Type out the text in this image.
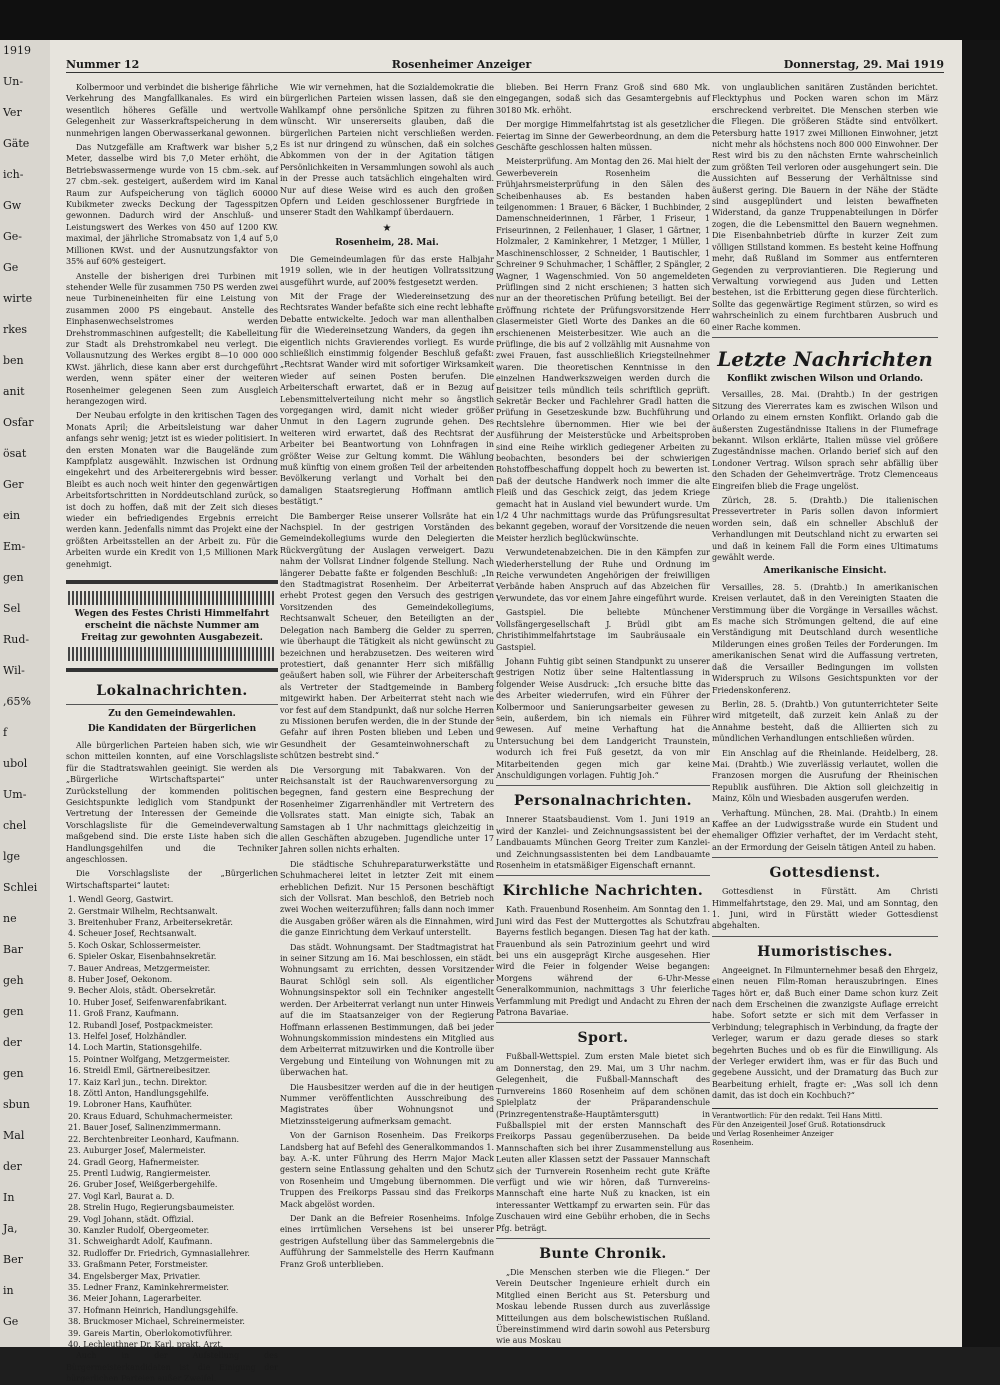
1919
Un-
Ver
Gäte
ich-
Gw
Ge-
Ge
wirte
rkes
ben
anit
Osfar
ösat
Ger
ein
Em-
gen
Sel
Rud-
Wil-
,65%
f
ubol
Um-
chel
lge
Schlei
ne
Bar
geh
gen
der
gen
sbun
Mal
der
In
Ja,
Ber
in
Ge
Nummer 12	Rosenheimer Anzeiger	Donnerstag, 29. Mai 1919

Kolbermoor und verbindet die bisherige fährliche Verkehrung des Mangfallkanales. Es wird ein wesentlich höheres Gefälle und wertvolle Gelegenheit zur Wasserkraftspeicherung in dem nunmehrigen langen Oberwasserkanal gewonnen.

Das Nutzgefälle am Kraftwerk war bisher 5,2 Meter, dasselbe wird bis 7,0 Meter erhöht, die Betriebswassermenge wurde von 15 cbm.-sek. auf 27 cbm.-sek. gesteigert, außerdem wird im Kanal Raum zur Aufspeicherung von täglich 60000 Kubikmeter zwecks Deckung der Tagesspitzen gewonnen. Dadurch wird der Anschluß- und Leistungswert des Werkes von 450 auf 1200 KW. maximal, der jährliche Stromabsatz von 1,4 auf 5,0 Millionen KWst. und der Ausnutzungsfaktor von 35% auf 60% gesteigert.

Anstelle der bisherigen drei Turbinen mit stehender Welle für zusammen 750 PS werden zwei neue Turbineneinheiten für eine Leistung von zusammen 2000 PS eingebaut. Anstelle des Einphasenwechselstromes werden Drehstrommaschinen aufgestellt; die Kabelleitung zur Stadt als Drehstromkabel neu verlegt. Die Vollausnutzung des Werkes ergibt 8—10 000 000 KWst. jährlich, diese kann aber erst durchgeführt werden, wenn später einer der weiteren Rosenheimer gelegenen Seen zum Ausgleich herangezogen wird.

Der Neubau erfolgte in den kritischen Tagen des Monats April; die Arbeitsleistung war daher anfangs sehr wenig; jetzt ist es wieder politisiert. In den ersten Monaten war die Baugelände zum Kampfplatz ausgewählt. Inzwischen ist Ordnung eingekehrt und des Arbeiterergebnis wird besser. Bleibt es auch noch weit hinter den gegenwärtigen Arbeitsfortschritten in Norddeutschland zurück, so ist doch zu hoffen, daß mit der Zeit sich dieses wieder ein befriedigendes Ergebnis erreicht werden kann. Jedenfalls nimmt das Projekt eine der größten Arbeitsstellen an der Arbeit zu. Für die Arbeiten wurde ein Kredit von 1,5 Millionen Mark genehmigt.

Wegen des Festes Christi Himmelfahrt erscheint die nächste Nummer am
Freitag zur gewohnten Ausgabezeit.
Lokalnachrichten.
Zu den Gemeindewahlen.
Die Kandidaten der Bürgerlichen

Alle bürgerlichen Parteien haben sich, wie wir schon mitteilen konnten, auf eine Vorschlagsliste für die Stadtratswahlen geeinigt. Sie werden als „Bürgerliche Wirtschaftspartei“ unter Zurückstellung der kommenden politischen Gesichtspunkte lediglich vom Standpunkt der Vertretung der Interessen der Gemeinde die Vorschlagsliste für die Gemeindeverwaltung maßgebend sind. Die erste Liste haben sich die Handlungsgehilfen und die Techniker angeschlossen.

Die Vorschlagsliste der „Bürgerlichen Wirtschaftspartei“ lautet:

1. Wendl Georg, Gastwirt.
2. Gerstmair Wilhelm, Rechtsanwalt.
3. Breitenhuber Franz, Arbeitersekretär.
4. Scheuer Josef, Rechtsanwalt.
5. Koch Oskar, Schlossermeister.
6. Spieler Oskar, Eisenbahnsekretär.
7. Bauer Andreas, Metzgermeister.
8. Huber Josef, Oekonom.
9. Becher Alois, städt. Obersekretär.
10. Huber Josef, Seifenwarenfabrikant.
11. Groß Franz, Kaufmann.
12. Rubandl Josef, Postpackmeister.
13. Helfel Josef, Holzhändler.
14. Loch Martin, Stationsgehilfe.
15. Pointner Wolfgang, Metzgermeister.
16. Streidl Emil, Gärtnereibesitzer.
17. Kaiz Karl jun., techn. Direktor.
18. Zöttl Anton, Handlungsgehilfe.
19. Lobroner Hans, Kaufhüter.
20. Kraus Eduard, Schuhmachermeister.
21. Bauer Josef, Salinenzimmermann.
22. Berchtenbreiter Leonhard, Kaufmann.
23. Auburger Josef, Malermeister.
24. Gradl Georg, Hafnermeister.
25. Prentl Ludwig, Rangiermeister.
26. Gruber Josef, Weißgerbergehilfe.
27. Vogl Karl, Baurat a. D.
28. Strelin Hugo, Regierungsbaumeister.
29. Vogl Johann, städt. Offizial.
30. Kanzler Rudolf, Obergeometer.
31. Schweighardt Adolf, Kaufmann.
32. Rudloffer Dr. Friedrich, Gymnasiallehrer.
33. Graßmann Peter, Forstmeister.
34. Engelsberger Max, Privatier.
35. Ledner Franz, Kaminkehrermeister.
36. Meier Johann, Lagerarbeiter.
37. Hofmann Heinrich, Handlungsgehilfe.
38. Bruckmoser Michael, Schreinermeister.
39. Gareis Martin, Oberlokomotivführer.
40. Lechleuthner Dr. Karl, prakt. Arzt.

Auch in der Aufstellung des Bürgermeisterkandidaten ist die Einigung der bürgerlichen Parteien außer Zweifel.

Wie wir vernehmen, hat die Sozialdemokratie die bürgerlichen Parteien wissen lassen, daß sie den Wahlkampf ohne persönliche Spitzen zu führen wünscht. Wir unsererseits glauben, daß die bürgerlichen Parteien nicht verschließen werden. Es ist nur dringend zu wünschen, daß ein solches Abkommen von der in der Agitation tätigen Persönlichkeiten in Versammlungen sowohl als auch in der Presse auch tatsächlich eingehalten wird. Nur auf diese Weise wird es auch den großen Opfern und Leiden geschlossener Burgfriede in unserer Stadt den Wahlkampf überdauern.

★
Rosenheim, 28. Mai.

Die Gemeindeumlagen für das erste Halbjahr 1919 sollen, wie in der heutigen Vollratssitzung ausgeführt wurde, auf 200% festgesetzt werden.

Mit der Frage der Wiedereinsetzung des Rechtsrates Wander befaßte sich eine recht lebhafte Debatte entwickelte. Jedoch war man allenthalben für die Wiedereinsetzung Wanders, da gegen ihn eigentlich nichts Gravierendes vorliegt. Es wurde schließlich einstimmig folgender Beschluß gefaßt: „Rechtsrat Wander wird mit sofortiger Wirksamkeit wieder auf seinen Posten berufen. Die Arbeiterschaft erwartet, daß er in Bezug auf Lebensmittelverteilung nicht mehr so ängstlich vorgegangen wird, damit nicht wieder größer Unmut in den Lagern zugrunde gehen. Des weiteren wird erwartet, daß des Rechtsrat der Arbeiter bei Beantwortung von Lohnfragen in größter Weise zur Geltung kommt. Die Wählung muß künftig von einem großen Teil der arbeitenden Bevölkerung verlangt und Vorhalt bei den damaligen Staatsregierung Hoffmann amtlich bestätigt.“

Die Bamberger Reise unserer Vollsräte hat ein Nachspiel. In der gestrigen Vorständen des Gemeindekollegiums wurde den Delegierten die Rückvergütung der Auslagen verweigert. Dazu nahm der Vollsrat Lindner folgende Stellung. Nach längerer Debatte faßte er folgenden Beschluß: „In den Stadtmagistrat Rosenheim. Der Arbeiterrat erhebt Protest gegen den Versuch des gestrigen Vorsitzenden des Gemeindekollegiums, Rechtsanwalt Scheuer, den Beteiligten an der Delegation nach Bamberg die Gelder zu sperren, wie überhaupt die Tätigkeit als nicht gewünscht zu bezeichnen und herabzusetzen. Des weiteren wird protestiert, daß genannter Herr sich mißfällig geäußert haben soll, wie Führer der Arbeiterschaft als Vertreter der Stadtgemeinde in Bamberg mitgewirkt haben. Der Arbeiterrat steht nach wie vor fest auf dem Standpunkt, daß nur solche Herren zu Missionen berufen werden, die in der Stunde der Gefahr auf ihren Posten blieben und Leben und Gesundheit der Gesamteinwohnerschaft zu schützen bestrebt sind.“

Die Versorgung mit Tabakwaren. Von der Reichsanstalt ist der Rauchwarenversorgung zu begegnen, fand gestern eine Besprechung der Rosenheimer Zigarrenhändler mit Vertretern des Vollsrates statt. Man einigte sich, Tabak an Samstagen ab 1 Uhr nachmittags gleichzeitig in allen Geschäften abzugeben. Jugendliche unter 17 Jahren sollen nichts erhalten.

Die städtische Schuhreparaturwerkstätte und Schuhmacherei leitet in letzter Zeit mit einem erheblichen Defizit. Nur 15 Personen beschäftigt sich der Vollsrat. Man beschloß, den Betrieb noch zwei Wochen weiterzuführen; falls dann noch immer die Ausgaben größer wären als die Einnahmen, wird die ganze Einrichtung dem Verkauf unterstellt.

Das städt. Wohnungsamt. Der Stadtmagistrat hat in seiner Sitzung am 16. Mai beschlossen, ein städt. Wohnungsamt zu errichten, dessen Vorsitzender Baurat Schlögl sein soll. Als eigentlicher Wohnungsinspektor soll ein Techniker angestellt werden. Der Arbeiterrat verlangt nun unter Hinweis auf die im Staatsanzeiger von der Regierung Hoffmann erlassenen Bestimmungen, daß bei jeder Wohnungskommission mindestens ein Mitglied aus dem Arbeiterrat mitzuwirken und die Kontrolle über Vergebung und Einteilung von Wohnungen mit zu überwachen hat.

Die Hausbesitzer werden auf die in der heutigen Nummer veröffentlichten Ausschreibung des Magistrates über Wohnungsnot und Mietzinssteigerung aufmerksam gemacht.

Von der Garnison Rosenheim. Das Freikorps Landsberg hat auf Befehl des Generalkommandos 1. bay. A.-K. unter Führung des Herrn Major Mack gestern seine Entlassung gehalten und den Schutz von Rosenheim und Umgebung übernommen. Die Truppen des Freikorps Passau sind das Freikorps Mack abgelöst worden.

Der Dank an die Befreier Rosenheims. Infolge eines irrtümlichen Versehens ist bei unserer gestrigen Aufstellung über das Sammelergebnis die Aufführung der Sammelstelle des Herrn Kaufmann Franz Groß unterblieben.

blieben. Bei Herrn Franz Groß sind 680 Mk. eingegangen, sodaß sich das Gesamtergebnis auf 30180 Mk. erhöht.

Der morgige Himmelfahrtstag ist als gesetzlicher Feiertag im Sinne der Gewerbeordnung, an dem die Geschäfte geschlossen halten müssen.

Meisterprüfung. Am Montag den 26. Mai hielt der Gewerbeverein Rosenheim die Frühjahrsmeisterprüfung in den Sälen des Scheibenhauses ab. Es bestanden haben teilgenommen: 1 Brauer, 6 Bäcker, 1 Buchbinder, 2 Damenschneiderinnen, 1 Färber, 1 Friseur, 1 Friseurinnen, 2 Feilenhauer, 1 Glaser, 1 Gärtner, 1 Holzmaler, 2 Kaminkehrer, 1 Metzger, 1 Müller, 1 Maschinenschlosser, 2 Schneider, 1 Bautischler, 1 Schreiner 9 Schuhmacher, 1 Schäffler, 2 Spängler, 2 Wagner, 1 Wagenschmied. Von 50 angemeldeten Prüflingen sind 2 nicht erschienen; 3 hatten sich nur an der theoretischen Prüfung beteiligt. Bei der Eröffnung richtete der Prüfungsvorsitzende Herr Glasermeister Gietl Worte des Dankes an die 60 erschienenen Meisterbesitzer. Wie auch an die Prüflinge, die bis auf 2 vollzählig mit Ausnahme von zwei Frauen, fast ausschließlich Kriegsteilnehmer waren. Die theoretischen Kenntnisse in den einzelnen Handwerkszweigen werden durch die Beisitzer teils mündlich teils schriftlich geprüft. Sekretär Becker und Fachlehrer Gradl hatten die Prüfung in Gesetzeskunde bzw. Buchführung und Rechtslehre übernommen. Hier wie bei der Ausführung der Meisterstücke und Arbeitsproben sind eine Reihe wirklich gediegener Arbeiten zu beobachten, besonders bei der schwierigen Rohstoffbeschaffung doppelt hoch zu bewerten ist. Daß der deutsche Handwerk noch immer die alte Fleiß und das Geschick zeigt, das jedem Kriege gemacht hat in Ausland viel bewundert wurde. Um 1/2 4 Uhr nachmittags wurde das Prüfungsresultat bekannt gegeben, worauf der Vorsitzende die neuen Meister herzlich beglückwünschte.

Verwundetenabzeichen. Die in den Kämpfen zur Wiederherstellung der Ruhe und Ordnung im Reiche verwundeten Angehörigen der freiwilligen Verbände haben Anspruch auf das Abzeichen für Verwundete, das vor einem Jahre eingeführt wurde.

Gastspiel. Die beliebte Münchener Vollsfängergesellschaft J. Brüdl gibt am Christihimmelfahrtstage im Saubräusaale ein Gastspiel.

Johann Fuhtig gibt seinen Standpunkt zu unserer gestrigen Notiz über seine Haltentlassung in folgender Weise Ausdruck: „Ich ersuche bitte das des Arbeiter wiederrufen, wird ein Führer der Kolbermoor und Sanierungsarbeiter gewesen zu sein, außerdem, bin ich niemals ein Führer gewesen. Auf meine Verhaftung hat die Untersuchung bei dem Landgericht Traunstein, wodurch ich frei Fuß gesetzt, da von mir Mitarbeitenden gegen mich gar keine Anschuldigungen vorlagen. Fuhtig Joh.“

Personalnachrichten.

Innerer Staatsbaudienst. Vom 1. Juni 1919 an wird der Kanzlei- und Zeichnungsassistent bei der Landbauamts München Georg Treiter zum Kanzlei- und Zeichnungsassistenten bei dem Landbauamte Rosenheim in etatsmäßiger Eigenschaft ernannt.

Kirchliche Nachrichten.

Kath. Frauenbund Rosenheim. Am Sonntag den 1. Juni wird das Fest der Muttergottes als Schutzfrau Bayerns festlich begangen. Diesen Tag hat der kath. Frauenbund als sein Patrozinium geehrt und wird bei uns ein ausgeprägt Kirche ausgesehen. Hier wird die Feier in folgender Weise begangen: Morgens während der 6-Uhr-Messe Generalkommunion, nachmittags 3 Uhr feierliche Verfammlung mit Predigt und Andacht zu Ehren der Patrona Bavariae.

Sport.

Fußball-Wettspiel. Zum ersten Male bietet sich am Donnerstag, den 29. Mai, um 3 Uhr nachm. Gelegenheit, die Fußball-Mannschaft des Turnvereins 1860 Rosenheim auf dem schönen Spielplatz der Präparandenschule (Prinzregentenstraße-Hauptämtersgutt) in Fußballspiel mit der ersten Mannschaft des Freikorps Passau gegenüberzusehen. Da beide Mannschaften sich bei ihrer Zusammenstellung aus Leuten aller Klassen setzt der Passauer Mannschaft sich der Turnverein Rosenheim recht gute Kräfte verfügt und wie wir hören, daß Turnvereins-Mannschaft eine harte Nuß zu knacken, ist ein interessanter Wettkampf zu erwarten sein. Für das Zuschauen wird eine Gebühr erhoben, die in Sechs Pfg. beträgt.

Bunte Chronik.

„Die Menschen sterben wie die Fliegen.“ Der Verein Deutscher Ingenieure erhielt durch ein Mitglied einen Bericht aus St. Petersburg und Moskau lebende Russen durch aus zuverlässige Mitteilungen aus dem bolschewistischen Rußland. Übereinstimmend wird darin sowohl aus Petersburg wie aus Moskau

von unglaublichen sanitären Zuständen berichtet. Flecktyphus und Pocken waren schon im März erschreckend verbreitet. Die Menschen sterben wie die Fliegen. Die größeren Städte sind entvölkert. Petersburg hatte 1917 zwei Millionen Einwohner, jetzt nicht mehr als höchstens noch 800 000 Einwohner. Der Rest wird bis zu den nächsten Ernte wahrscheinlich zum größten Teil verloren oder ausgehungert sein. Die Aussichten auf Besserung der Verhältnisse sind äußerst gering. Die Bauern in der Nähe der Städte sind ausgeplündert und leisten bewaffneten Widerstand, da ganze Truppenabteilungen in Dörfer zogen, die die Lebensmittel den Bauern wegnehmen. Die Eisenbahnbetrieb dürfte in kurzer Zeit zum völligen Stillstand kommen. Es besteht keine Hoffnung mehr, daß Rußland im Sommer aus entfernteren Gegenden zu verproviantieren. Die Regierung und Verwaltung vorwiegend aus Juden und Letten bestehen, ist die Erbitterung gegen diese fürchterlich. Sollte das gegenwärtige Regiment stürzen, so wird es wahrscheinlich zu einem furchtbaren Ausbruch und einer Rache kommen.

Letzte Nachrichten
Konflikt zwischen Wilson und Orlando.

Versailles, 28. Mai. (Drahtb.) In der gestrigen Sitzung des Viererrates kam es zwischen Wilson und Orlando zu einem ernsten Konflikt. Orlando gab die äußersten Zugeständnisse Italiens in der Fiumefrage bekannt. Wilson erklärte, Italien müsse viel größere Zugeständnisse machen. Orlando berief sich auf den Londoner Vertrag. Wilson sprach sehr abfällig über den Schaden der Geheimverträge. Trotz Clemenceaus Eingreifen blieb die Frage ungelöst.

Zürich, 28. 5. (Drahtb.) Die italienischen Pressevertreter in Paris sollen davon informiert worden sein, daß ein schneller Abschluß der Verhandlungen mit Deutschland nicht zu erwarten sei und daß in keinem Fall die Form eines Ultimatums gewählt werde.

Amerikanische Einsicht.

Versailles, 28. 5. (Drahtb.) In amerikanischen Kreisen verlautet, daß in den Vereinigten Staaten die Verstimmung über die Vorgänge in Versailles wächst. Es mache sich Strömungen geltend, die auf eine Verständigung mit Deutschland durch wesentliche Milderungen eines großen Teiles der Forderungen. Im amerikanischen Senat wird die Auffassung vertreten, daß die Versailler Bedingungen im vollsten Widerspruch zu Wilsons Gesichtspunkten vor der Friedenskonferenz.

Berlin, 28. 5. (Drahtb.) Von gutunterrichteter Seite wird mitgeteilt, daß zurzeit kein Anlaß zu der Annahme besteht, daß die Alliierten sich zu mündlichen Verhandlungen entschließen würden.

Ein Anschlag auf die Rheinlande. Heidelberg, 28. Mai. (Drahtb.) Wie zuverlässig verlautet, wollen die Franzosen morgen die Ausrufung der Rheinischen Republik ausführen. Die Aktion soll gleichzeitig in Mainz, Köln und Wiesbaden ausgerufen werden.

Verhaftung. München, 28. Mai. (Drahtb.) In einem Kaffee an der Ludwigsstraße wurde ein Student und ehemaliger Offizier verhaftet, der im Verdacht steht, an der Ermordung der Geiseln tätigen Anteil zu haben.

Gottesdienst.

Gottesdienst in Fürstätt. Am Christi Himmelfahrtstage, den 29. Mai, und am Sonntag, den 1. Juni, wird in Fürstätt wieder Gottesdienst abgehalten.

Humoristisches.

Angeeignet. In Filmunternehmer besaß den Ehrgeiz, einen neuen Film-Roman herauszubringen. Eines Tages hört er, daß Buch einer Dame schon kurz Zeit nach dem Erscheinen die zwanzigste Auflage erreicht habe. Sofort setzte er sich mit dem Verfasser in Verbindung; telegraphisch in Verbindung, da fragte der Verleger, warum er dazu gerade dieses so stark begehrten Buches und ob es für die Einwilligung. Als der Verleger erwidert ihm, was er für das Buch und gegebene Aussicht, und der Dramaturg das Buch zur Bearbeitung erhielt, fragte er: „Was soll ich denn damit, das ist doch ein Kochbuch?“

Verantwortlich: Für den redakt. Teil Hans Mittl.
Für den Anzeigenteil Josef Gruß. Rotationsdruck
und Verlag Rosenheimer Anzeiger
Rosenheim.
